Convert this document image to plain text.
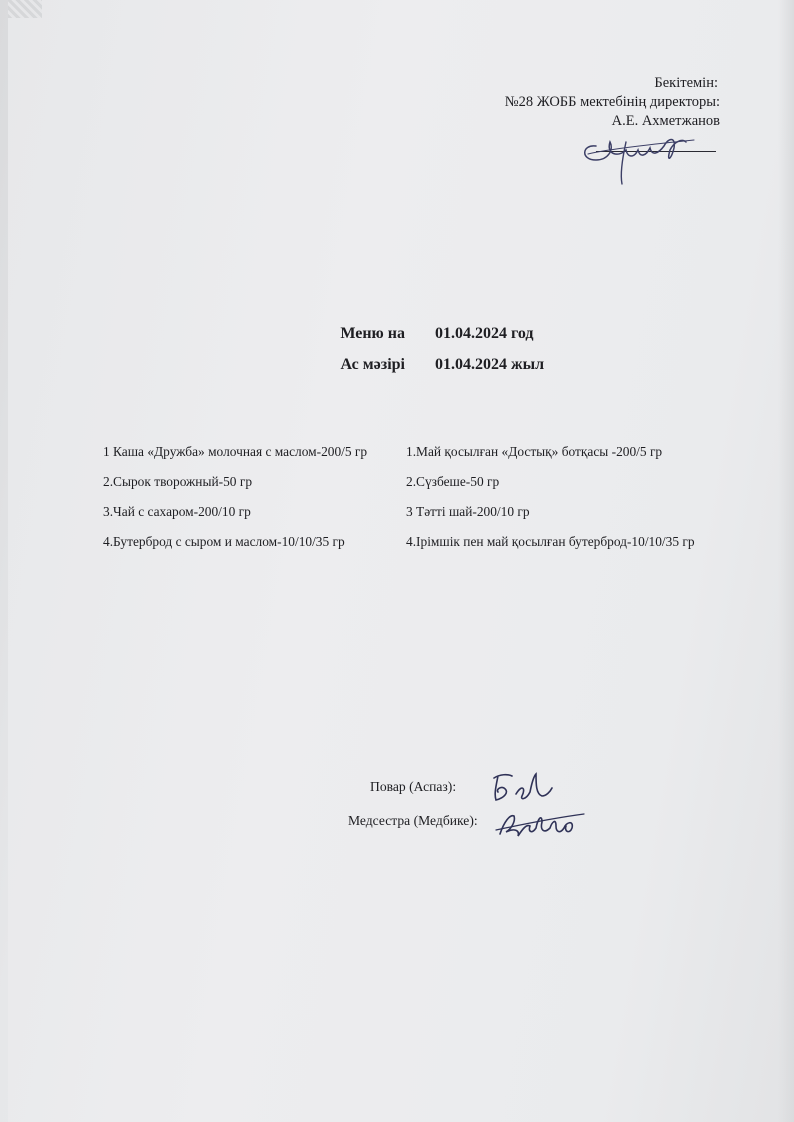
Бекітемін:
№28 ЖОББ мектебінің директоры:
А.Е. Ахметжанов
Меню на 01.04.2024 год
Ас мәзірі 01.04.2024 жыл
1 Каша «Дружба» молочная с маслом-200/5 гр
2.Сырок творожный-50 гр
3.Чай с сахаром-200/10 гр
4.Бутерброд с сыром и маслом-10/10/35 гр
1.Май қосылған «Достық» ботқасы -200/5 гр
2.Сүзбеше-50 гр
3 Тәтті шай-200/10 гр
4.Ірімшік пен май қосылған бутерброд-10/10/35 гр
Повар (Аспаз):
Медсестра (Медбике):
